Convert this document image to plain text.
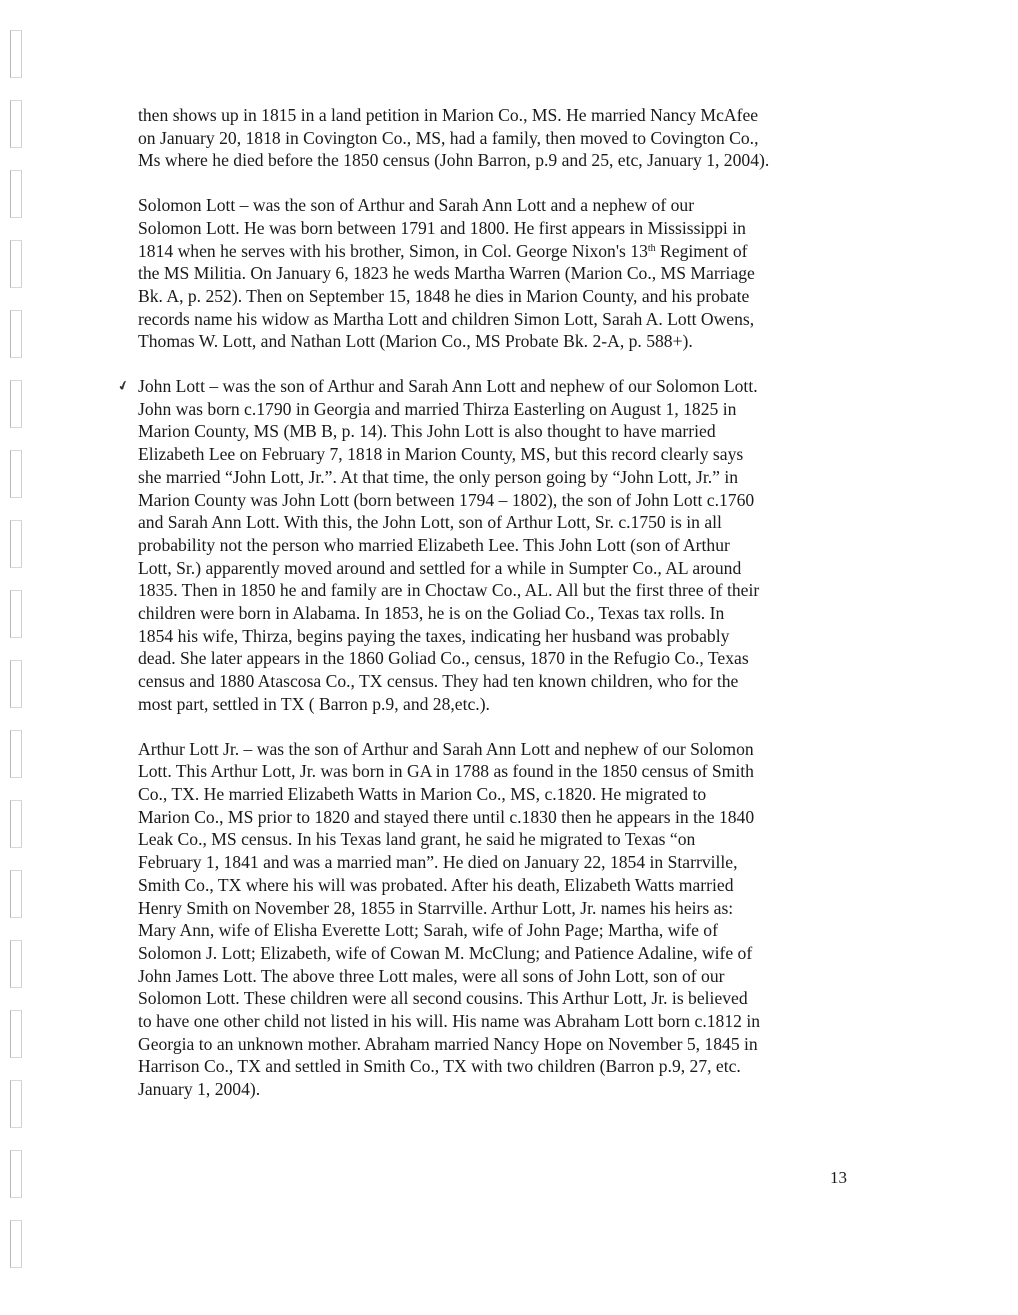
✔

then shows up in 1815 in a land petition in Marion Co., MS. He married Nancy McAfee
on January 20, 1818 in Covington Co., MS, had a family, then moved to Covington Co.,
Ms where he died before the 1850 census (John Barron, p.9 and 25, etc, January 1, 2004).

Solomon Lott – was the son of Arthur and Sarah Ann Lott and a nephew of our
Solomon Lott. He was born between 1791 and 1800. He first appears in Mississippi in
1814 when he serves with his brother, Simon, in Col. George Nixon's 13th Regiment of
the MS Militia. On January 6, 1823 he weds Martha Warren (Marion Co., MS Marriage
Bk. A, p. 252). Then on September 15, 1848 he dies in Marion County, and his probate
records name his widow as Martha Lott and children Simon Lott, Sarah A. Lott Owens,
Thomas W. Lott, and Nathan Lott (Marion Co., MS Probate Bk. 2-A, p. 588+).

John Lott – was the son of Arthur and Sarah Ann Lott and nephew of our Solomon Lott.
John was born c.1790 in Georgia and married Thirza Easterling on August 1, 1825 in
Marion County, MS (MB B, p. 14). This John Lott is also thought to have married
Elizabeth Lee on February 7, 1818 in Marion County, MS, but this record clearly says
she married “John Lott, Jr.”. At that time, the only person going by “John Lott, Jr.” in
Marion County was John Lott (born between 1794 – 1802), the son of John Lott c.1760
and Sarah Ann Lott. With this, the John Lott, son of Arthur Lott, Sr. c.1750 is in all
probability not the person who married Elizabeth Lee. This John Lott (son of Arthur
Lott, Sr.) apparently moved around and settled for a while in Sumpter Co., AL around
1835. Then in 1850 he and family are in Choctaw Co., AL. All but the first three of their
children were born in Alabama. In 1853, he is on the Goliad Co., Texas tax rolls. In
1854 his wife, Thirza, begins paying the taxes, indicating her husband was probably
dead. She later appears in the 1860 Goliad Co., census, 1870 in the Refugio Co., Texas
census and 1880 Atascosa Co., TX census. They had ten known children, who for the
most part, settled in TX ( Barron p.9, and 28,etc.).

Arthur Lott Jr. – was the son of Arthur and Sarah Ann Lott and nephew of our Solomon
Lott. This Arthur Lott, Jr. was born in GA in 1788 as found in the 1850 census of Smith
Co., TX. He married Elizabeth Watts in Marion Co., MS, c.1820. He migrated to
Marion Co., MS prior to 1820 and stayed there until c.1830 then he appears in the 1840
Leak Co., MS census. In his Texas land grant, he said he migrated to Texas “on
February 1, 1841 and was a married man”. He died on January 22, 1854 in Starrville,
Smith Co., TX where his will was probated. After his death, Elizabeth Watts married
Henry Smith on November 28, 1855 in Starrville. Arthur Lott, Jr. names his heirs as:
Mary Ann, wife of Elisha Everette Lott; Sarah, wife of John Page; Martha, wife of
Solomon J. Lott; Elizabeth, wife of Cowan M. McClung; and Patience Adaline, wife of
John James Lott. The above three Lott males, were all sons of John Lott, son of our
Solomon Lott. These children were all second cousins. This Arthur Lott, Jr. is believed
to have one other child not listed in his will. His name was Abraham Lott born c.1812 in
Georgia to an unknown mother. Abraham married Nancy Hope on November 5, 1845 in
Harrison Co., TX and settled in Smith Co., TX with two children (Barron p.9, 27, etc.
January 1, 2004).

13
